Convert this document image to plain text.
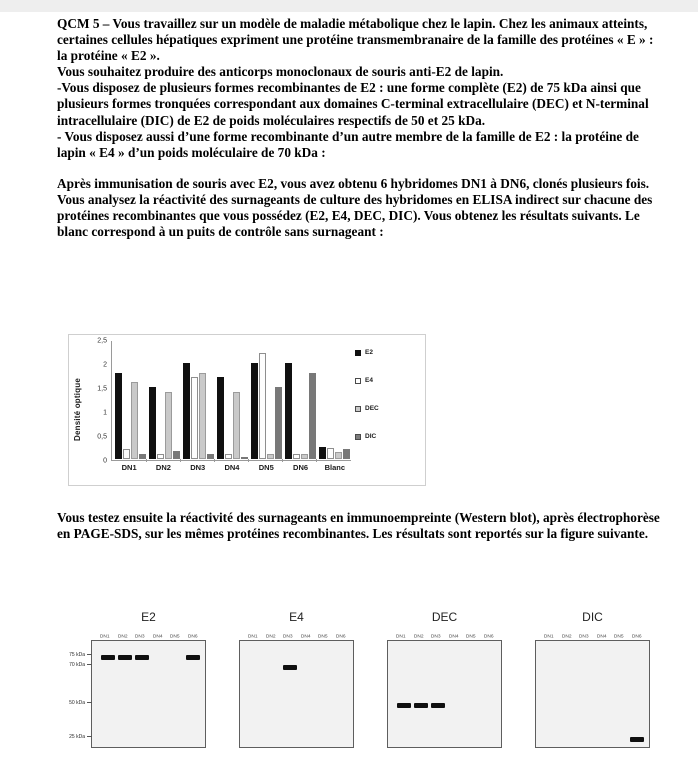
QCM 5 – Vous travaillez sur un modèle de maladie métabolique chez le lapin. Chez les animaux atteints, certaines cellules hépatiques expriment une protéine transmembranaire de la famille des protéines « E » : la protéine « E2 ».

Vous souhaitez produire des anticorps monoclonaux de souris anti-E2 de lapin.

-Vous disposez de plusieurs formes recombinantes de E2 : une forme complète (E2) de 75 kDa ainsi que plusieurs formes tronquées correspondant aux domaines C-terminal extracellulaire (DEC) et N-terminal intracellulaire (DIC) de E2 de poids moléculaires respectifs de 50 et 25 kDa.

- Vous disposez aussi d’une forme recombinante d’un autre membre de la famille de E2 : la protéine de lapin « E4 » d’un poids moléculaire de 70 kDa :

Après immunisation de souris avec E2, vous avez obtenu 6 hybridomes DN1 à DN6, clonés plusieurs fois. Vous analysez la réactivité des surnageants de culture des hybridomes en ELISA indirect sur chacune des protéines recombinantes que vous possédez (E2, E4, DEC, DIC). Vous obtenez les résultats suivants. Le blanc correspond à un puits de contrôle sans surnageant :

Densité optique
0
0,5
1
1,5
2
2,5
DN1	DN2	DN3	DN4	DN5	DN6	Blanc
E2
E4
DEC
DIC

Vous testez ensuite la réactivité des surnageants en immunoempreinte (Western blot), après électrophorèse en PAGE-SDS, sur les mêmes protéines recombinantes. Les résultats sont reportés sur la figure suivante.

E2
DN1	DN2	DN3	DN4	DN5	DN6
75 kDa
70 kDa
50 kDa
25 kDa
E4
DN1	DN2	DN3	DN4	DN5	DN6
DEC
DN1	DN2	DN3	DN4	DN5	DN6
DIC
DN1	DN2	DN3	DN4	DN5	DN6
